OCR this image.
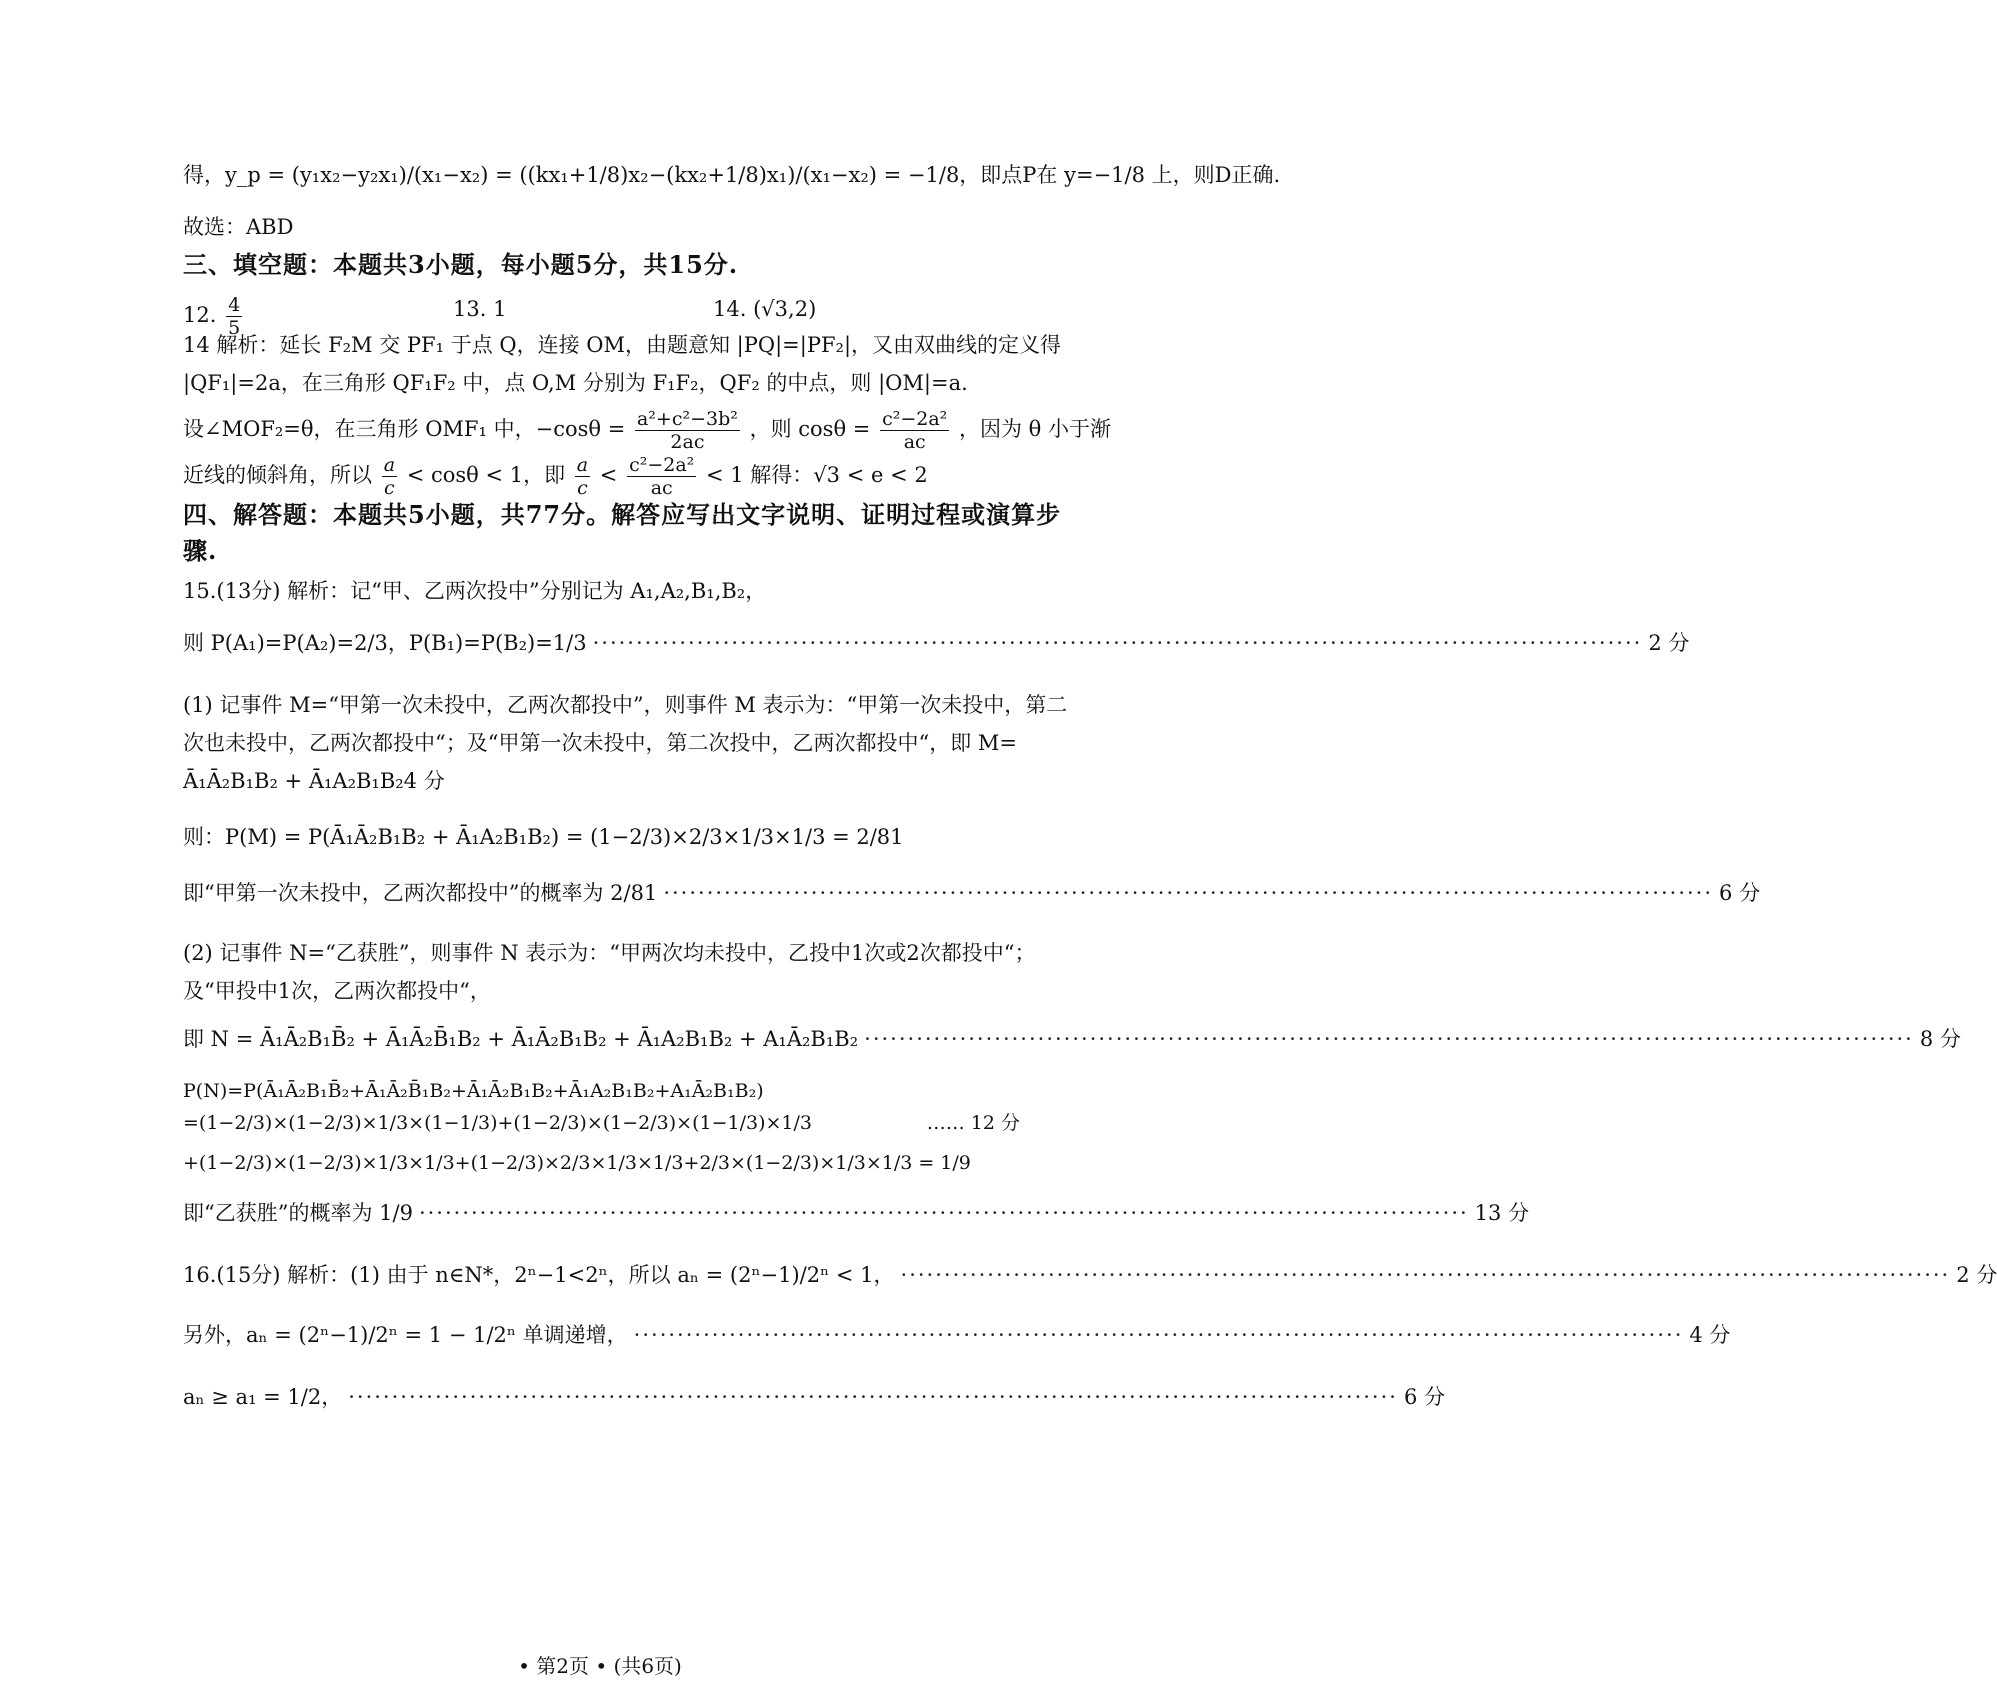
得，y_p = (y₁x₂−y₂x₁)/(x₁−x₂) = ((kx₁+1/8)x₂−(kx₂+1/8)x₁)/(x₁−x₂) = −1/8，即点P在 y=−1/8 上，则D正确.
故选：ABD
三、填空题：本题共3小题，每小题5分，共15分.
12. $\frac{4}{5}$	13. 1	14. (√3,2)
14 解析：延长 F₂M 交 PF₁ 于点 Q，连接 OM，由题意知 |PQ|=|PF₂|，又由双曲线的定义得
|QF₁|=2a，在三角形 QF₁F₂ 中，点 O,M 分别为 F₁F₂，QF₂ 的中点，则 |OM|=a.
设∠MOF₂=θ，在三角形 OMF₁ 中，$-\cos\theta = \frac{\text{a²+c²−3b²}}{2ac}$ ，则 $\cos\theta = \frac{\text{c²−2a²}}{ac}$ ，因为 θ 小于渐
近线的倾斜角，所以 $\frac{a}{c} < \cos\theta < 1$，即 $\frac{a}{c} < \frac{\text{c²−2a²}}{ac} < 1$ 解得：√3 < e < 2
四、解答题：本题共5小题，共77分。解答应写出文字说明、证明过程或演算步
骤.
15.(13分) 解析：记“甲、乙两次投中”分别记为 A₁,A₂,B₁,B₂，
则 P(A₁)=P(A₂)=2/3，P(B₁)=P(B₂)=1/3 ························································································································· 2 分
(1) 记事件 M=“甲第一次未投中，乙两次都投中”，则事件 M 表示为：“甲第一次未投中，第二
次也未投中，乙两次都投中“；及“甲第一次未投中，第二次投中，乙两次都投中“，即 M=
Ā₁Ā₂B₁B₂ + Ā₁A₂B₁B₂4 分
则：P(M) = P(Ā₁Ā₂B₁B₂ + Ā₁A₂B₁B₂) = (1−2/3)×2/3×1/3×1/3 = 2/81
即“甲第一次未投中，乙两次都投中”的概率为 2/81 ························································································································· 6 分
(2) 记事件 N=“乙获胜”，则事件 N 表示为：“甲两次均未投中，乙投中1次或2次都投中“；
及“甲投中1次，乙两次都投中“，
即 N = Ā₁Ā₂B₁B̄₂ + Ā₁Ā₂B̄₁B₂ + Ā₁Ā₂B₁B₂ + Ā₁A₂B₁B₂ + A₁Ā₂B₁B₂ ························································································································· 8 分
P(N)=P(Ā₁Ā₂B₁B̄₂+Ā₁Ā₂B̄₁B₂+Ā₁Ā₂B₁B₂+Ā₁A₂B₁B₂+A₁Ā₂B₁B₂)
=(1−2/3)×(1−2/3)×1/3×(1−1/3)+(1−2/3)×(1−2/3)×(1−1/3)×1/3	…… 12 分
+(1−2/3)×(1−2/3)×1/3×1/3+(1−2/3)×2/3×1/3×1/3+2/3×(1−2/3)×1/3×1/3 = 1/9
即“乙获胜”的概率为 1/9 ························································································································· 13 分
16.(15分) 解析：(1) 由于 n∈N*，2ⁿ−1<2ⁿ，所以 aₙ = (2ⁿ−1)/2ⁿ < 1， ························································································································· 2 分
另外，aₙ = (2ⁿ−1)/2ⁿ = 1 − 1/2ⁿ 单调递增， ························································································································· 4 分
aₙ ≥ a₁ = 1/2， ························································································································· 6 分
• 第2页 • (共6页)
